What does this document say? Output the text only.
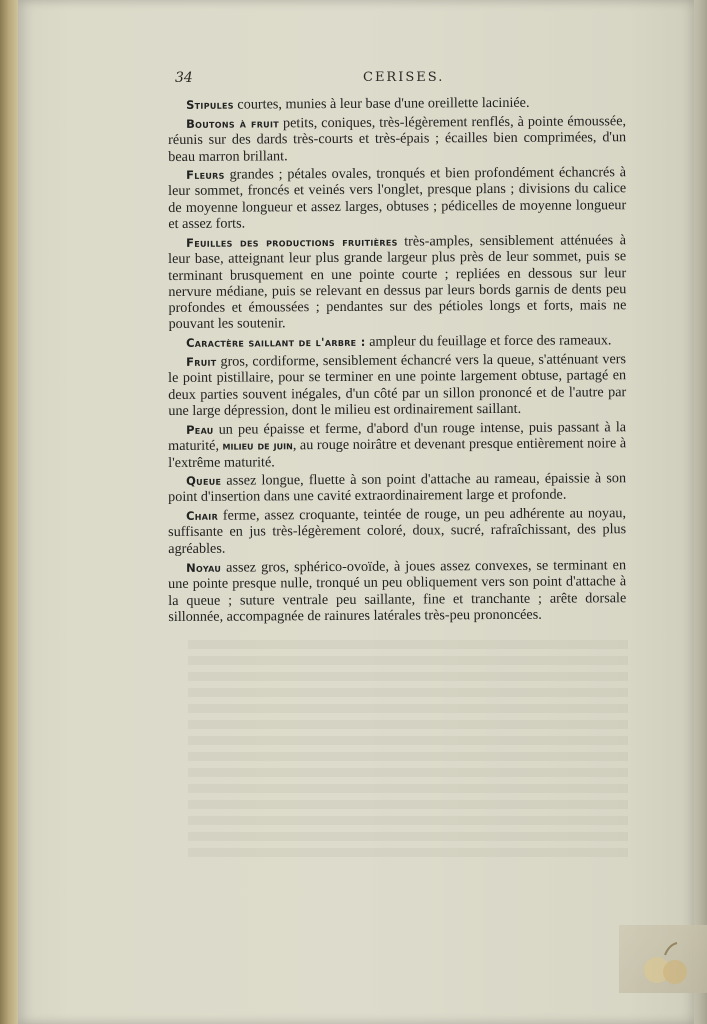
34	CERISES.

Stipules courtes, munies à leur base d'une oreillette laciniée.

Boutons à fruit petits, coniques, très-légèrement renflés, à pointe émoussée, réunis sur des dards très-courts et très-épais ; écailles bien comprimées, d'un beau marron brillant.

Fleurs grandes ; pétales ovales, tronqués et bien profondément échancrés à leur sommet, froncés et veinés vers l'onglet, presque plans ; divisions du calice de moyenne longueur et assez larges, obtuses ; pédicelles de moyenne longueur et assez forts.

Feuilles des productions fruitières très-amples, sensiblement atténuées à leur base, atteignant leur plus grande largeur plus près de leur sommet, puis se terminant brusquement en une pointe courte ; repliées en dessous sur leur nervure médiane, puis se relevant en dessus par leurs bords garnis de dents peu profondes et émoussées ; pendantes sur des pétioles longs et forts, mais ne pouvant les soutenir.

Caractère saillant de l'arbre : ampleur du feuillage et force des rameaux.

Fruit gros, cordiforme, sensiblement échancré vers la queue, s'atténuant vers le point pistillaire, pour se terminer en une pointe largement obtuse, partagé en deux parties souvent inégales, d'un côté par un sillon prononcé et de l'autre par une large dépression, dont le milieu est ordinairement saillant.

Peau un peu épaisse et ferme, d'abord d'un rouge intense, puis passant à la maturité, milieu de juin, au rouge noirâtre et devenant presque entièrement noire à l'extrême maturité.

Queue assez longue, fluette à son point d'attache au rameau, épaissie à son point d'insertion dans une cavité extraordinairement large et profonde.

Chair ferme, assez croquante, teintée de rouge, un peu adhérente au noyau, suffisante en jus très-légèrement coloré, doux, sucré, rafraîchissant, des plus agréables.

Noyau assez gros, sphérico-ovoïde, à joues assez convexes, se terminant en une pointe presque nulle, tronqué un peu obliquement vers son point d'attache à la queue ; suture ventrale peu saillante, fine et tranchante ; arête dorsale sillonnée, accompagnée de rainures latérales très-peu prononcées.
